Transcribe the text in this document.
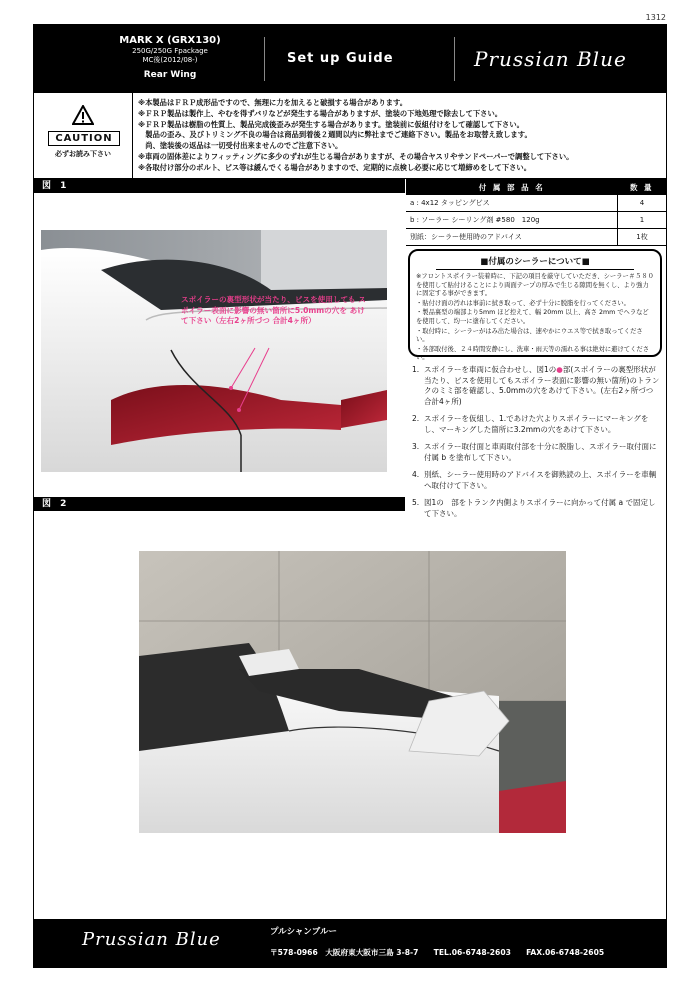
1312
MARK X (GRX130)
250G/250G Fpackage
MC後(2012/08-)
Rear Wing
Set up Guide	Prussian Blue
CAUTION
必ずお読み下さい
※本製品はＦＲＰ成形品ですので、無理に力を加えると破損する場合があります。
※ＦＲＰ製品は製作上、やむを得ずバリなどが発生する場合がありますが、塗装の下地処理で除去して下さい。
※ＦＲＰ製品は樹脂の性質上、製品完成後歪みが発生する場合があります。塗装前に仮組付けをして確認して下さい。
　製品の歪み、及びトリミング不良の場合は商品到着後２週間以内に弊社までご連絡下さい。製品をお取替え致します。
　尚、塗装後の返品は一切受付出来ませんのでご注意下さい。
※車両の固体差によりフィッティングに多少のずれが生じる場合がありますが、その場合ヤスリやサンドペーパーで調整して下さい。
※各取付け部分のボルト、ビス等は緩んでくる場合がありますので、定期的に点検し必要に応じて増締めをして下さい。
図 1
スポイラーの裏型形状が当たり、ビスを使用しても スポイラー表面に影響の無い箇所に5.0mmの穴を あけて下さい（左右2ヶ所づつ 合計4ヶ所）
付 属 部 品 名	数 量
a : 4x12 タッピングビス	4
b : ソーラー シーリング剤 #580　120g	1
別紙：シーラー使用時のアドバイス	1枚
■付属のシーラーについて■

※フロントスポイラー装着時に、下記の項目を厳守していただき、シーラー＃５８０を使用して貼付けることにより両面テープの厚みで生じる隙間を無くし、より強力に固定する事ができます。

・貼付け面の汚れは事前に拭き取って、必ず十分に脱脂を行ってください。

・製品裏型の端部より5mm ほど控えて、幅 20mm 以上、高さ 2mm でヘラなどを使用して、均一に塗布してください。

・取付時に、シーラーがはみ出た場合は、速やかにウエス等で拭き取ってください。

・各部取付後、２４時間安静にし、洗車・雨天等の濡れる事は絶対に避けてください。

1. スポイラーを車両に仮合わせし、図1の●部(スポイラーの裏型形状が当たり、ビスを使用してもスポイラー表面に影響の無い箇所)のトランクのミミ部を確認し、5.0mmの穴をあけて下さい。(左右2ヶ所づつ 合計4ヶ所)
2. スポイラーを仮組し、1.であけた穴よりスポイラーにマーキングをし、マーキングした箇所に3.2mmの穴をあけて下さい。
3. スポイラー取付面と車両取付部を十分に脱脂し、スポイラー取付面に付属 b を塗布して下さい。
4. 別紙、シーラー使用時のアドバイスを御熟読の上、スポイラーを車輌へ取付けて下さい。
5. 図1の　部をトランク内側よりスポイラーに向かって付属 a で固定して下さい。
図 2
Prussian Blue	プルシャンブルー
〒578-0966　大阪府東大阪市三島 3-8-7　　TEL.06-6748-2603　　FAX.06-6748-2605
